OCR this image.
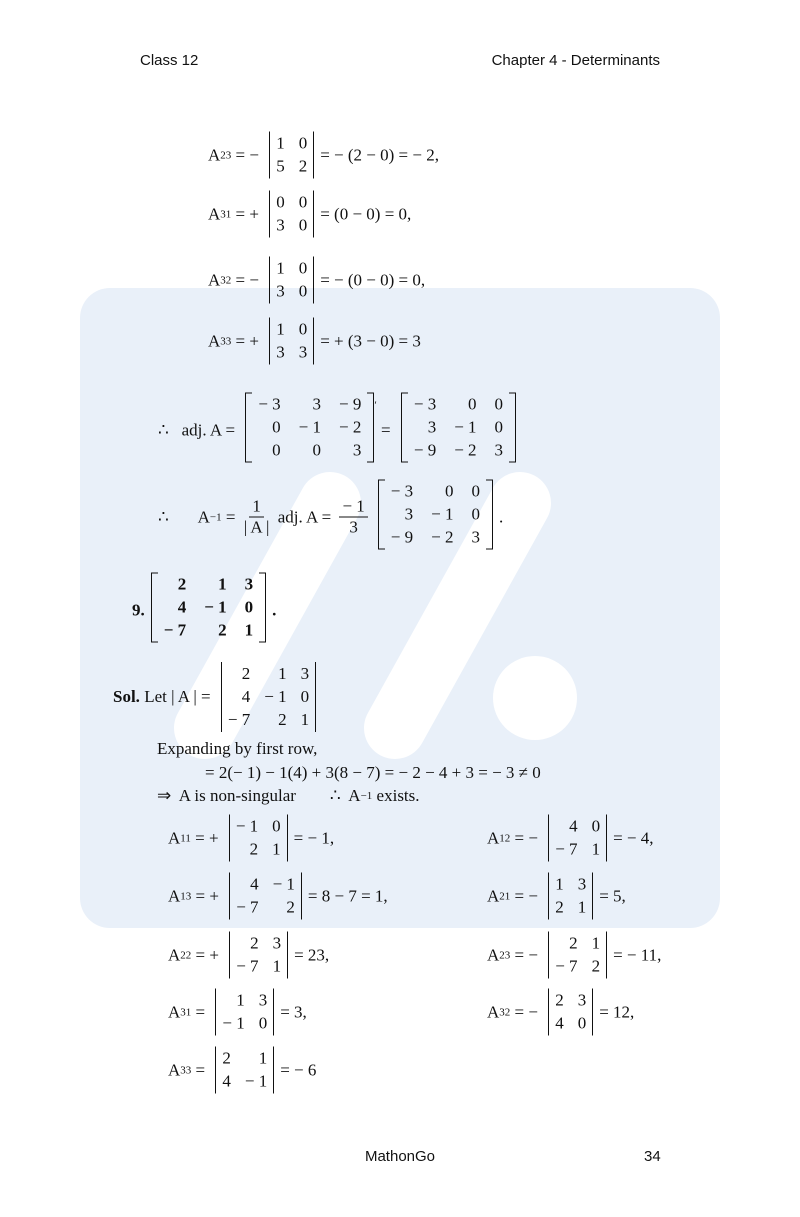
Class 12	Chapter 4 - Determinants
A 23 = −
1 0
5 2
= − (2 − 0) = − 2,
A 31 = +
0 0
3 0
= (0 − 0) = 0,
A 32 = −
1 0
3 0
= − (0 − 0) = 0,
A 33 = +
1 0
3 3
= + (3 − 0) = 3
∴   adj. A =
− 3	3 − 9
0 − 1 − 2
0	0	3
′
=
− 3	0 0
3 − 1 0
− 9 − 2 3
∴       $A -1 = \frac{1}{| A |}$ adj. $A = \frac{- 1}{3}$
− 3	0 0
3 − 1 0
− 9 − 2 3
.
9.
2	1 3
4 − 1 0
− 7	2 1
.
Sol. Let | A | =
2	1 3
4 − 1 0
− 7	2 1
Expanding by first row,
= 2(− 1) − 1(4) + 3(8 − 7) = − 2 − 4 + 3 = − 3 ≠ 0
⇒  A is non-singular        ∴  A −1 exists.
A 11 = +
− 1 0
2 1
= − 1,	A 12 = −
4 0
− 7 1
= − 4,
A 13 = +
4 − 1
− 7	2
= 8 − 7 = 1,	A 21 = −
1 3
2 1
= 5,
A 22 = +
2 3
− 7 1
= 23,	A 23 = −
2 1
− 7 2
= − 11,
A 31 =
1 3
− 1 0
= 3,	A 32 = −
2 3
4 0
= 12,
A 33 =
2	1
4 − 1
= − 6
MathonGo	34
